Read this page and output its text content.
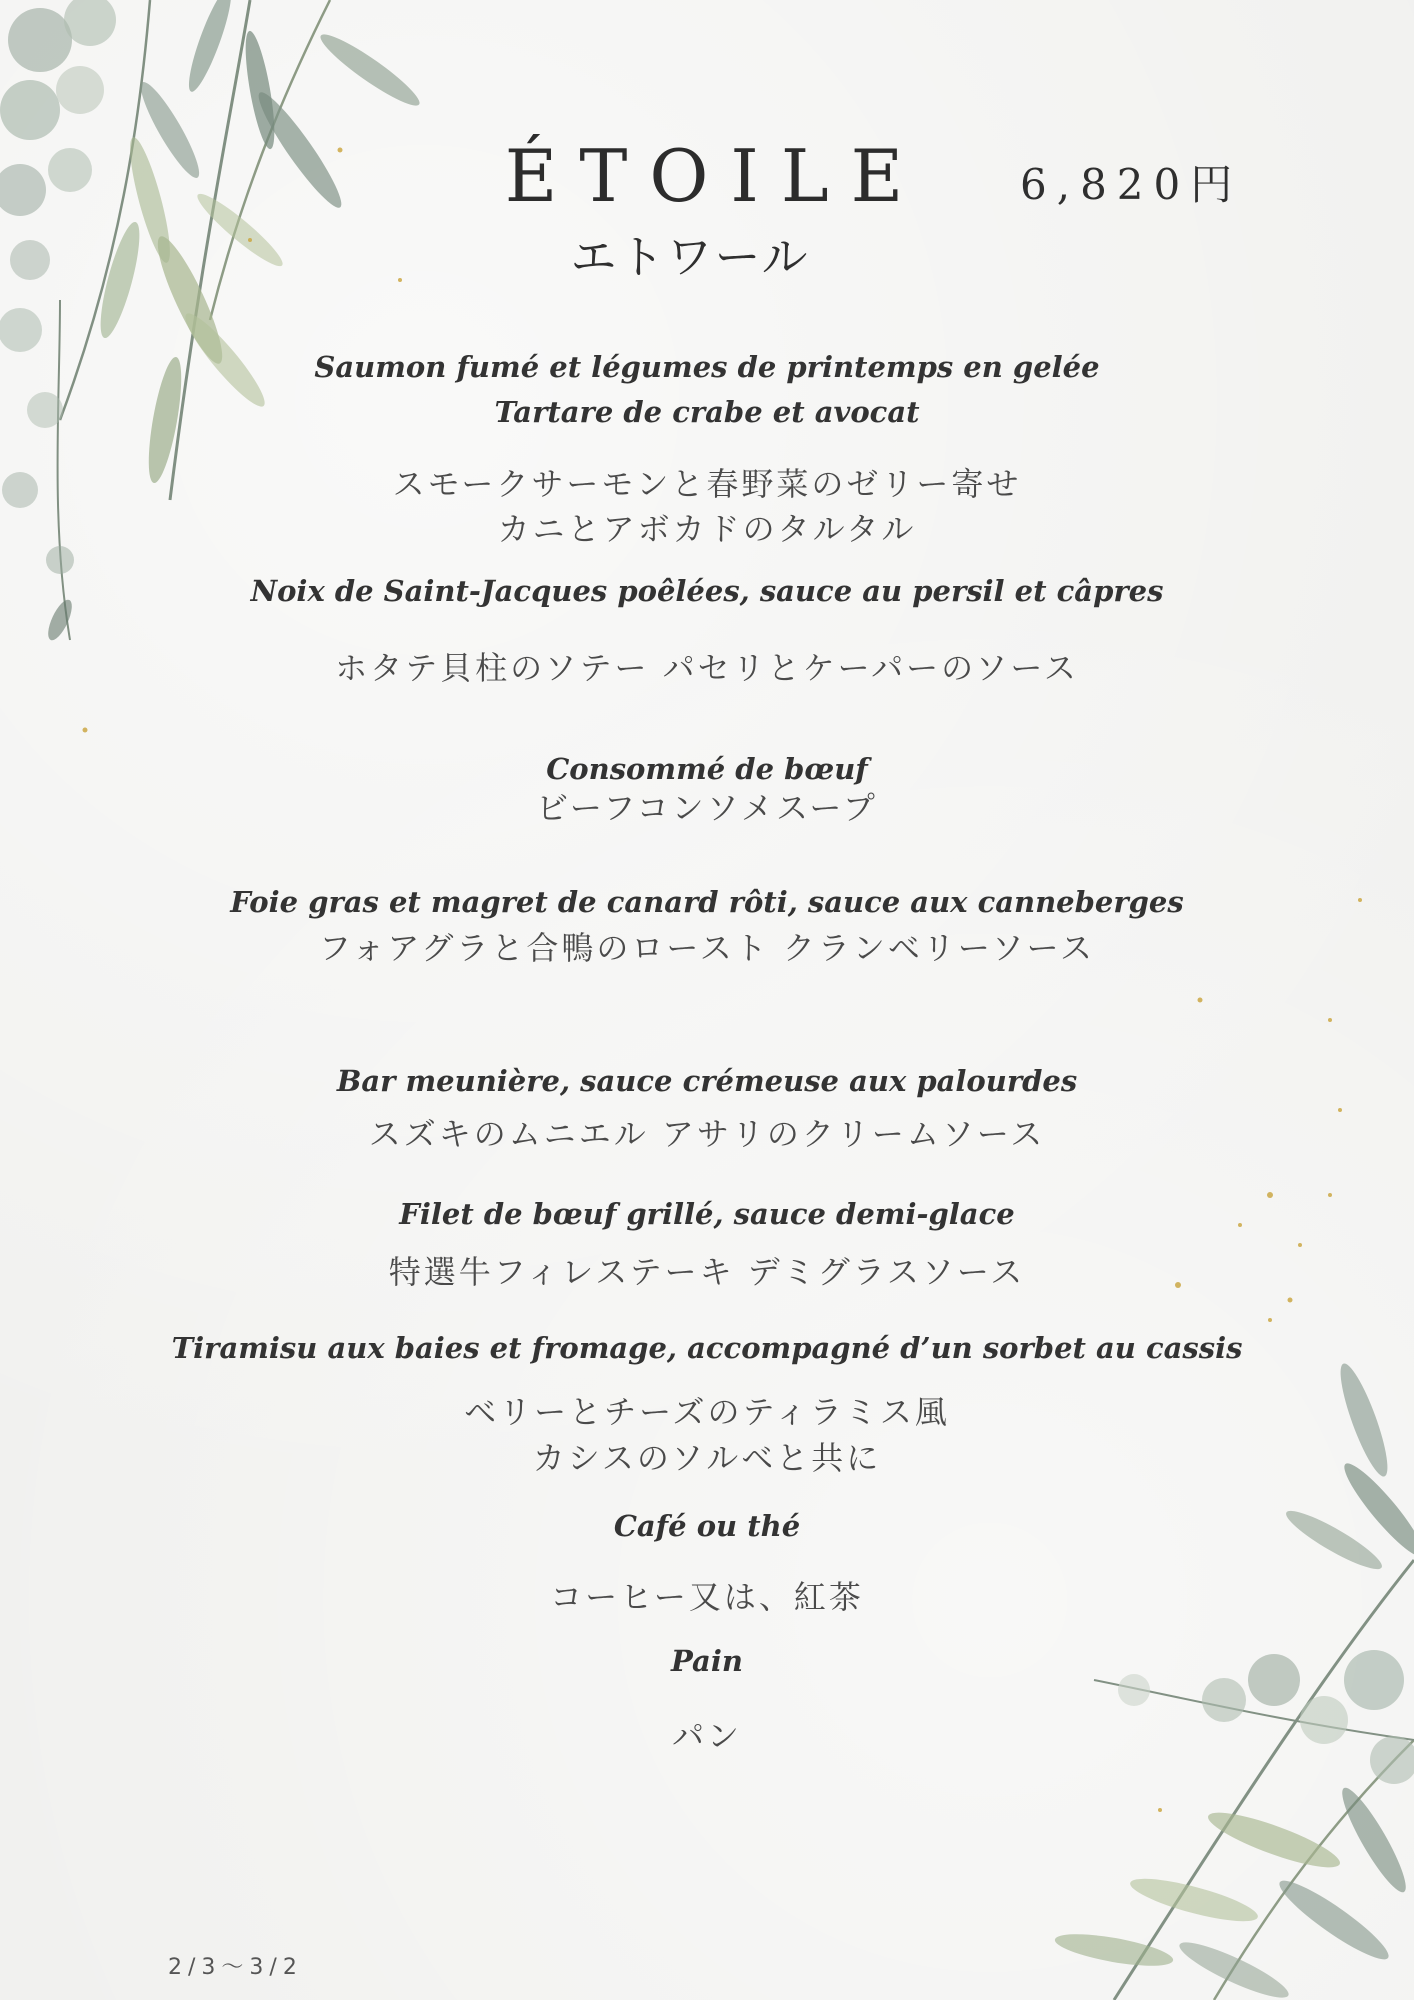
ÉTOILE
エトワール
6,820円
Saumon fumé et légumes de printemps en gelée
Tartare de crabe et avocat
スモークサーモンと春野菜のゼリー寄せ
カニとアボカドのタルタル
Noix de Saint-Jacques poêlées, sauce au persil et câpres
ホタテ貝柱のソテー パセリとケーパーのソース
Consommé de bœuf
ビーフコンソメスープ
Foie gras et magret de canard rôti, sauce aux canneberges
フォアグラと合鴨のロースト クランベリーソース
Bar meunière, sauce crémeuse aux palourdes
スズキのムニエル アサリのクリームソース
Filet de bœuf grillé, sauce demi-glace
特選牛フィレステーキ デミグラスソース
Tiramisu aux baies et fromage, accompagné d’un sorbet au cassis
ベリーとチーズのティラミス風
カシスのソルベと共に
Café ou thé
コーヒー又は、紅茶
Pain
パン
2/3～3/2
